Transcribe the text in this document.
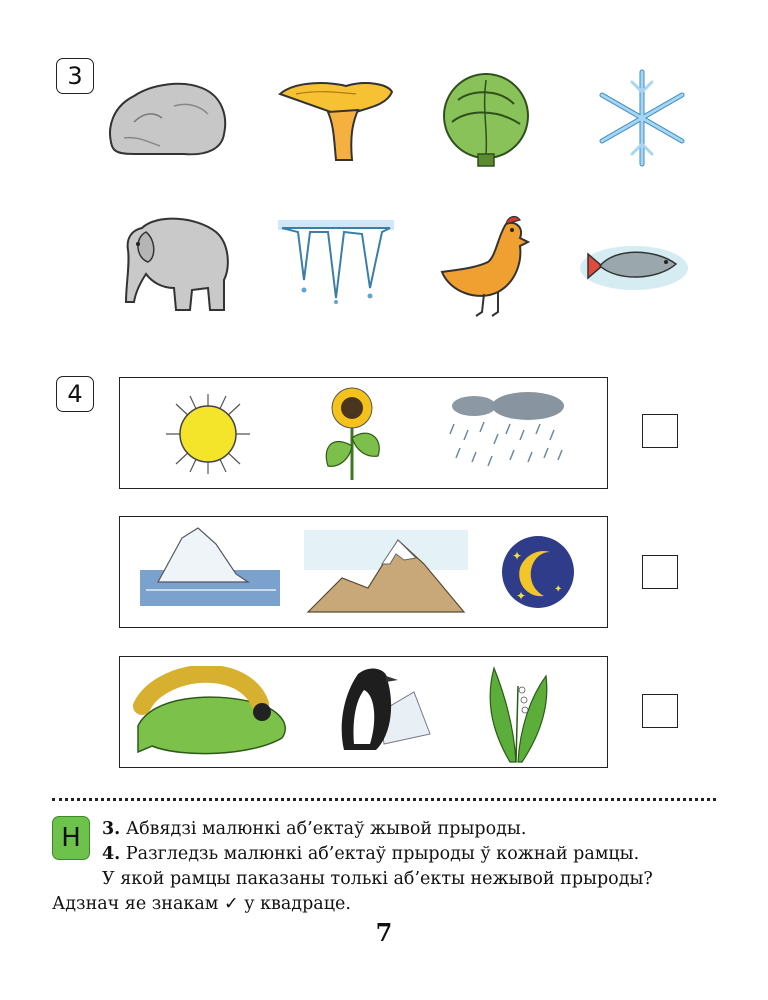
3
4
✦
✦	✦
Н	3. Абвядзі малюнкі аб’ектаў жывой прыроды.
4. Разгледзь малюнкі аб’ектаў прыроды ў кожнай рамцы.
У якой рамцы паказаны толькі аб’екты нежывой прыроды?
Адзнач яе знакам ✓ у квадраце.
7
